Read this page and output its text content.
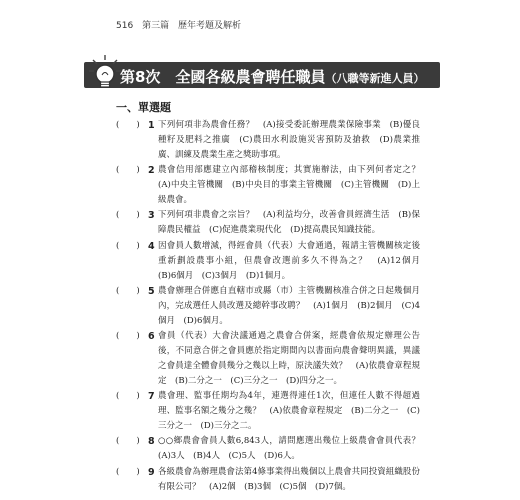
516 第三篇 歷年考題及解析
第8次　全國各級農會聘任職員（八職等新進人員）
一、單選題
(　　) 1 下列何項非為農會任務？　(A)接受委託辦理農業保險事業　(B)優良種籽及肥料之推廣　(C)農田水利設施災害預防及搶救　(D)農業推廣、訓練及農業生產之獎助事項。
(　　) 2 農會信用部應建立內部稽核制度；其實施辦法，由下列何者定之？　(A)中央主管機關　(B)中央目的事業主管機關　(C)主管機關　(D)上級農會。
(　　) 3 下列何項非農會之宗旨？　(A)利益均分，改善會員經濟生活　(B)保障農民權益　(C)促進農業現代化　(D)提高農民知識技能。
(　　) 4 因會員人數增減，得經會員（代表）大會通過，報請主管機關核定後重新劃設農事小組，但農會改選前多久不得為之？　(A)12個月　(B)6個月　(C)3個月　(D)1個月。
(　　) 5 農會辦理合併應自直轄市或縣（市）主管機關核准合併之日起幾個月內，完成選任人員改選及總幹事改聘？　(A)1個月　(B)2個月　(C)4個月　(D)6個月。
(　　) 6 會員（代表）大會決議通過之農會合併案，經農會依規定辦理公告後，不同意合併之會員應於指定期間內以書面向農會聲明異議，異議之會員達全體會員幾分之幾以上時，原決議失效？　(A)依農會章程規定　(B)二分之一　(C)三分之一　(D)四分之一。
(　　) 7 農會理、監事任期均為4年，連選得連任1次，但連任人數不得超過理、監事名額之幾分之幾？　(A)依農會章程規定　(B)二分之一　(C)三分之一　(D)三分之二。
(　　) 8 ○○鄉農會會員人數6,843人，請問應選出幾位上級農會會員代表？　(A)3人　(B)4人　(C)5人　(D)6人。
(　　) 9 各級農會為辦理農會法第4條事業得出幾個以上農會共同投資組織股份有限公司？　(A)2個　(B)3個　(C)5個　(D)7個。
